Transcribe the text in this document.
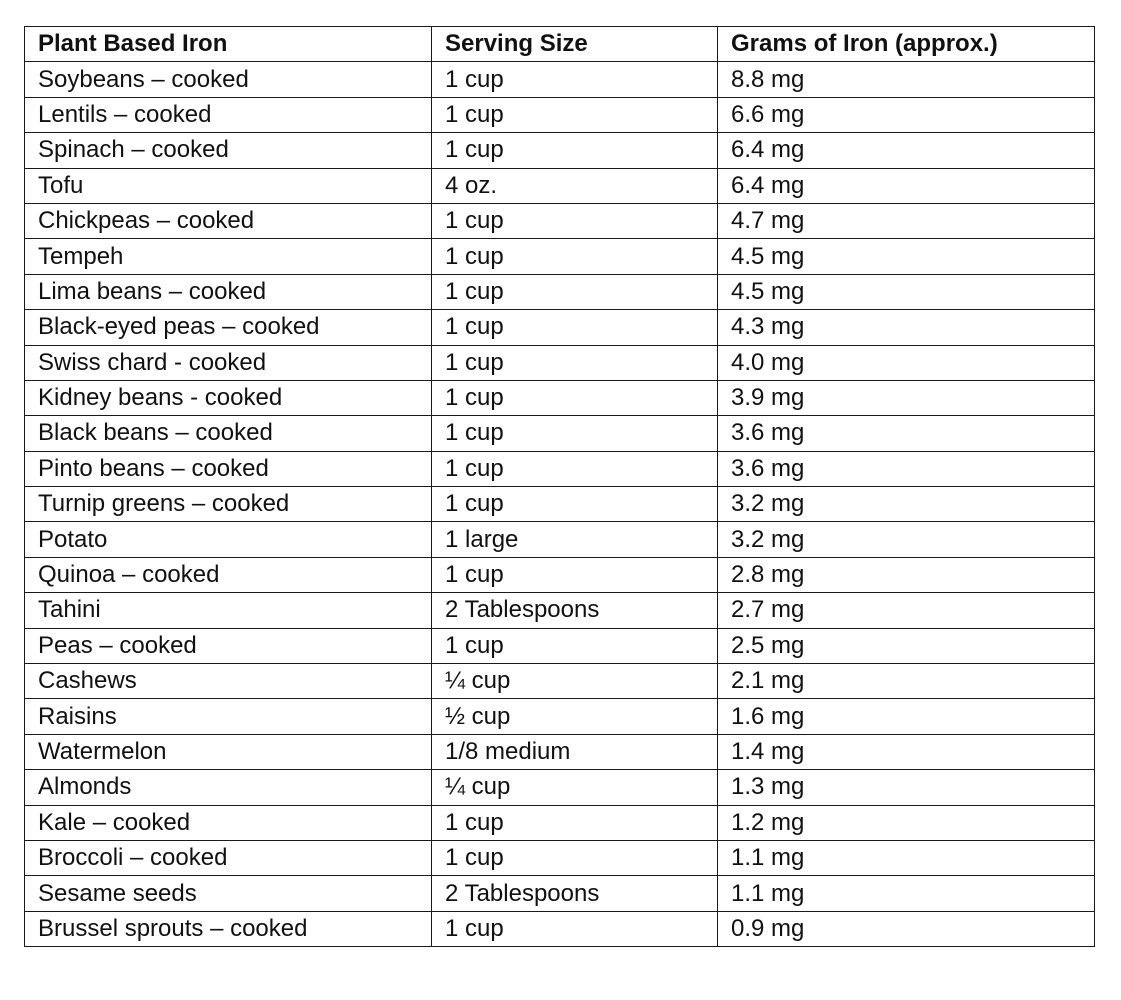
Plant Based Iron	Serving Size	Grams of Iron (approx.)
Soybeans – cooked	1 cup	8.8 mg
Lentils – cooked	1 cup	6.6 mg
Spinach – cooked	1 cup	6.4 mg
Tofu	4 oz.	6.4 mg
Chickpeas – cooked	1 cup	4.7 mg
Tempeh	1 cup	4.5 mg
Lima beans – cooked	1 cup	4.5 mg
Black-eyed peas – cooked	1 cup	4.3 mg
Swiss chard - cooked	1 cup	4.0 mg
Kidney beans - cooked	1 cup	3.9 mg
Black beans – cooked	1 cup	3.6 mg
Pinto beans – cooked	1 cup	3.6 mg
Turnip greens – cooked	1 cup	3.2 mg
Potato	1 large	3.2 mg
Quinoa – cooked	1 cup	2.8 mg
Tahini	2 Tablespoons	2.7 mg
Peas – cooked	1 cup	2.5 mg
Cashews	¼ cup	2.1 mg
Raisins	½ cup	1.6 mg
Watermelon	1/8 medium	1.4 mg
Almonds	¼ cup	1.3 mg
Kale – cooked	1 cup	1.2 mg
Broccoli – cooked	1 cup	1.1 mg
Sesame seeds	2 Tablespoons	1.1 mg
Brussel sprouts – cooked	1 cup	0.9 mg
